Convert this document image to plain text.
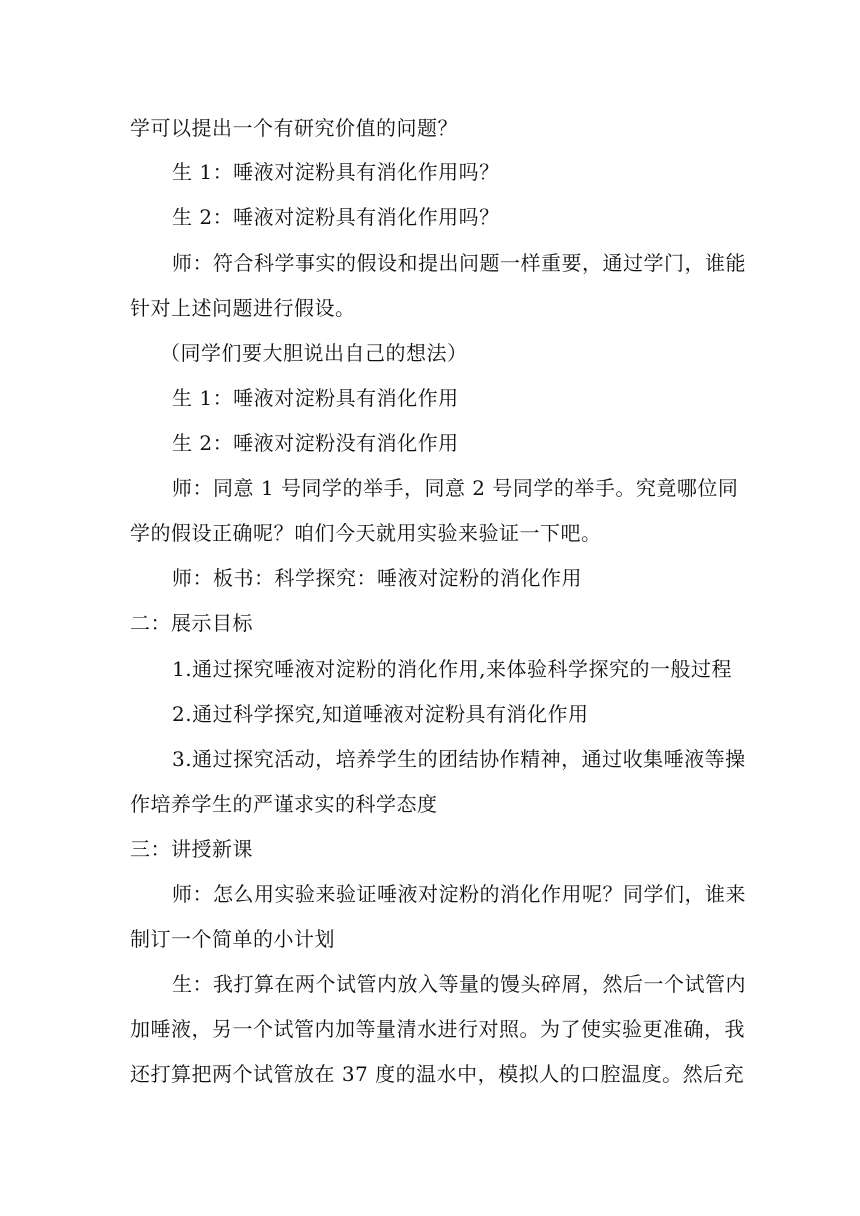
学可以提出一个有研究价值的问题？
生 1：唾液对淀粉具有消化作用吗？
生 2：唾液对淀粉具有消化作用吗？
师：符合科学事实的假设和提出问题一样重要，通过学门，谁能
针对上述问题进行假设。
（同学们要大胆说出自己的想法）
生 1：唾液对淀粉具有消化作用
生 2：唾液对淀粉没有消化作用
师：同意 1 号同学的举手，同意 2 号同学的举手。究竟哪位同
学的假设正确呢？咱们今天就用实验来验证一下吧。
师：板书：科学探究：唾液对淀粉的消化作用
二：展示目标
1.通过探究唾液对淀粉的消化作用,来体验科学探究的一般过程
2.通过科学探究,知道唾液对淀粉具有消化作用
3.通过探究活动，培养学生的团结协作精神，通过收集唾液等操
作培养学生的严谨求实的科学态度
三：讲授新课
师：怎么用实验来验证唾液对淀粉的消化作用呢？同学们，谁来
制订一个简单的小计划
生：我打算在两个试管内放入等量的馒头碎屑，然后一个试管内
加唾液，另一个试管内加等量清水进行对照。为了使实验更准确，我
还打算把两个试管放在 37 度的温水中，模拟人的口腔温度。然后充
